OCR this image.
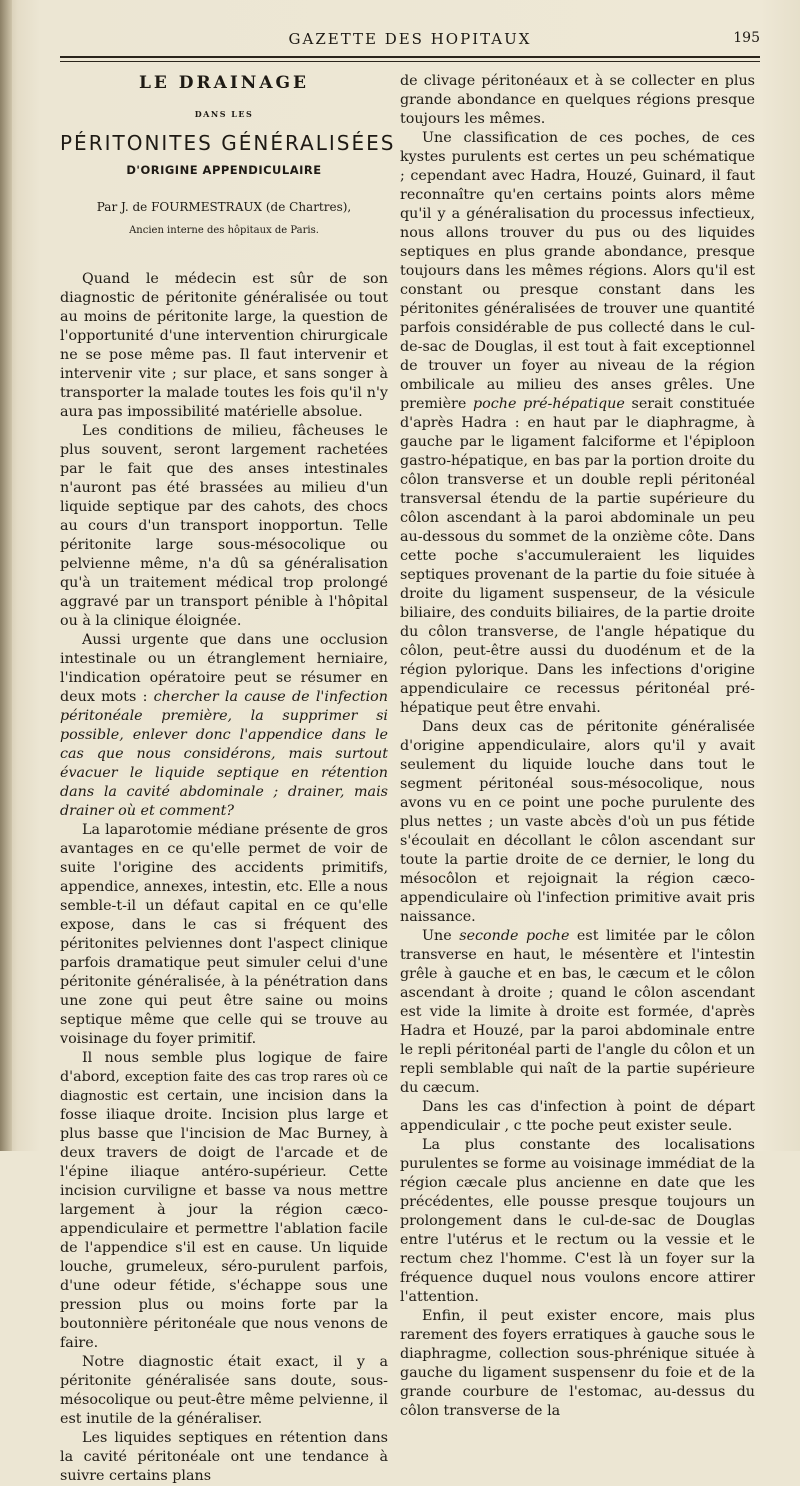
GAZETTE DES HOPITAUX	195
LE DRAINAGE
DANS LES
PÉRITONITES GÉNÉRALISÉES
D'ORIGINE APPENDICULAIRE
Par J. de FOURMESTRAUX (de Chartres),
Ancien interne des hôpitaux de Paris.

Quand le médecin est sûr de son diagnostic de péritonite généralisée ou tout au moins de péritonite large, la question de l'opportunité d'une intervention chirurgicale ne se pose même pas. Il faut intervenir et intervenir vite ; sur place, et sans songer à transporter la malade toutes les fois qu'il n'y aura pas impossibilité matérielle absolue.

Les conditions de milieu, fâcheuses le plus souvent, seront largement rachetées par le fait que des anses intestinales n'auront pas été brassées au milieu d'un liquide septique par des cahots, des chocs au cours d'un transport inopportun. Telle péritonite large sous-mésocolique ou pelvienne même, n'a dû sa généralisation qu'à un traitement médical trop prolongé aggravé par un transport pénible à l'hôpital ou à la clinique éloignée.

Aussi urgente que dans une occlusion intestinale ou un étranglement herniaire, l'indication opératoire peut se résumer en deux mots : chercher la cause de l'infection péritonéale première, la supprimer si possible, enlever donc l'appendice dans le cas que nous considérons, mais surtout évacuer le liquide septique en rétention dans la cavité abdominale ; drainer, mais drainer où et comment?

La laparotomie médiane présente de gros avantages en ce qu'elle permet de voir de suite l'origine des accidents primitifs, appendice, annexes, intestin, etc. Elle a nous semble-t-il un défaut capital en ce qu'elle expose, dans le cas si fréquent des péritonites pelviennes dont l'aspect clinique parfois dramatique peut simuler celui d'une péritonite généralisée, à la pénétration dans une zone qui peut être saine ou moins septique même que celle qui se trouve au voisinage du foyer primitif.

Il nous semble plus logique de faire d'abord, exception faite des cas trop rares où ce diagnostic est certain, une incision dans la fosse iliaque droite. Incision plus large et plus basse que l'incision de Mac Burney, à deux travers de doigt de l'arcade et de l'épine iliaque antéro-supérieur. Cette incision curviligne et basse va nous mettre largement à jour la région cæco-appendiculaire et permettre l'ablation facile de l'appendice s'il est en cause. Un liquide louche, grumeleux, séro-purulent parfois, d'une odeur fétide, s'échappe sous une pression plus ou moins forte par la boutonnière péritonéale que nous venons de faire.

Notre diagnostic était exact, il y a péritonite généralisée sans doute, sous-mésocolique ou peut-être même pelvienne, il est inutile de la généraliser.

Les liquides septiques en rétention dans la cavité péritonéale ont une tendance à suivre certains plans

de clivage péritonéaux et à se collecter en plus grande abondance en quelques régions presque toujours les mêmes.

Une classification de ces poches, de ces kystes purulents est certes un peu schématique ; cependant avec Hadra, Houzé, Guinard, il faut reconnaître qu'en certains points alors même qu'il y a généralisation du processus infectieux, nous allons trouver du pus ou des liquides septiques en plus grande abondance, presque toujours dans les mêmes régions. Alors qu'il est constant ou presque constant dans les péritonites généralisées de trouver une quantité parfois considérable de pus collecté dans le cul-de-sac de Douglas, il est tout à fait exceptionnel de trouver un foyer au niveau de la région ombilicale au milieu des anses grêles. Une première poche pré-hépatique serait constituée d'après Hadra : en haut par le diaphragme, à gauche par le ligament falciforme et l'épiploon gastro-hépatique, en bas par la portion droite du côlon transverse et un double repli péritonéal transversal étendu de la partie supérieure du côlon ascendant à la paroi abdominale un peu au-dessous du sommet de la onzième côte. Dans cette poche s'accumuleraient les liquides septiques provenant de la partie du foie située à droite du ligament suspenseur, de la vésicule biliaire, des conduits biliaires, de la partie droite du côlon transverse, de l'angle hépatique du côlon, peut-être aussi du duodénum et de la région pylorique. Dans les infections d'origine appendiculaire ce recessus péritonéal pré-hépatique peut être envahi.

Dans deux cas de péritonite généralisée d'origine appendiculaire, alors qu'il y avait seulement du liquide louche dans tout le segment péritonéal sous-mésocolique, nous avons vu en ce point une poche purulente des plus nettes ; un vaste abcès d'où un pus fétide s'écoulait en décollant le côlon ascendant sur toute la partie droite de ce dernier, le long du mésocôlon et rejoignait la région cæco-appendiculaire où l'infection primitive avait pris naissance.

Une seconde poche est limitée par le côlon transverse en haut, le mésentère et l'intestin grêle à gauche et en bas, le cæcum et le côlon ascendant à droite ; quand le côlon ascendant est vide la limite à droite est formée, d'après Hadra et Houzé, par la paroi abdominale entre le repli péritonéal parti de l'angle du côlon et un repli semblable qui naît de la partie supérieure du cæcum.

Dans les cas d'infection à point de départ appendiculair , c tte poche peut exister seule.

La plus constante des localisations purulentes se forme au voisinage immédiat de la région cæcale plus ancienne en date que les précédentes, elle pousse presque toujours un prolongement dans le cul-de-sac de Douglas entre l'utérus et le rectum ou la vessie et le rectum chez l'homme. C'est là un foyer sur la fréquence duquel nous voulons encore attirer l'attention.

Enfin, il peut exister encore, mais plus rarement des foyers erratiques à gauche sous le diaphragme, collection sous-phrénique située à gauche du ligament suspensenr du foie et de la grande courbure de l'estomac, au-dessus du côlon transverse de la
